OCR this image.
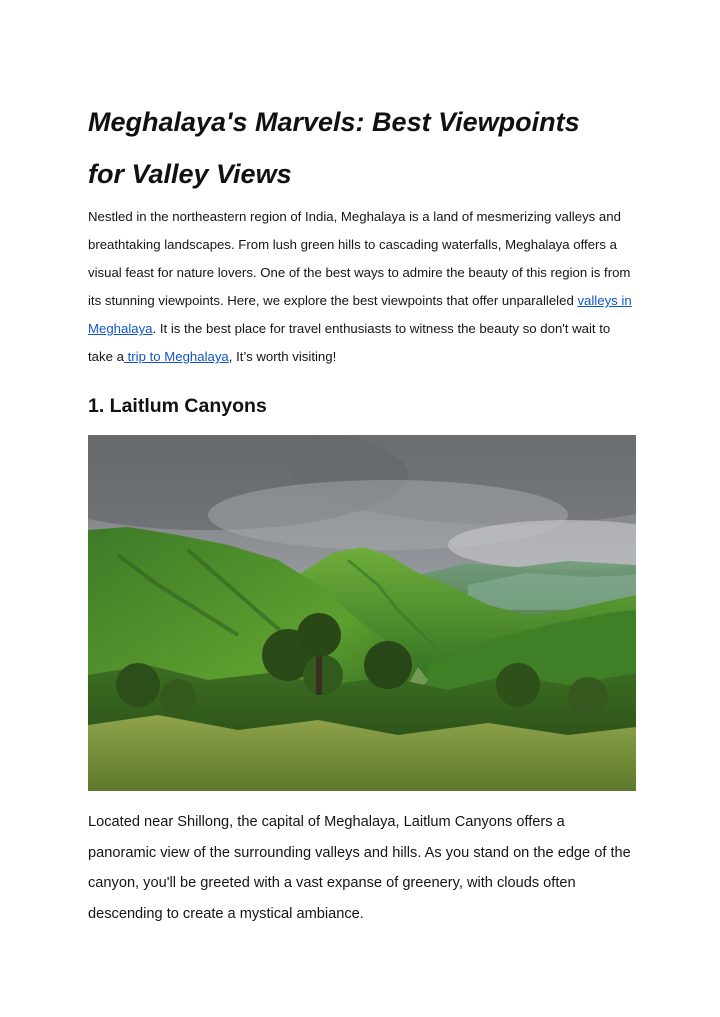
Meghalaya's Marvels: Best Viewpoints
for Valley Views

Nestled in the northeastern region of India, Meghalaya is a land of mesmerizing valleys and breathtaking landscapes. From lush green hills to cascading waterfalls, Meghalaya offers a visual feast for nature lovers. One of the best ways to admire the beauty of this region is from its stunning viewpoints. Here, we explore the best viewpoints that offer unparalleled valleys in Meghalaya. It is the best place for travel enthusiasts to witness the beauty so don't wait to take a trip to Meghalaya, It’s worth visiting!

1. Laitlum Canyons

Located near Shillong, the capital of Meghalaya, Laitlum Canyons offers a panoramic view of the surrounding valleys and hills. As you stand on the edge of the canyon, you'll be greeted with a vast expanse of greenery, with clouds often descending to create a mystical ambiance.
